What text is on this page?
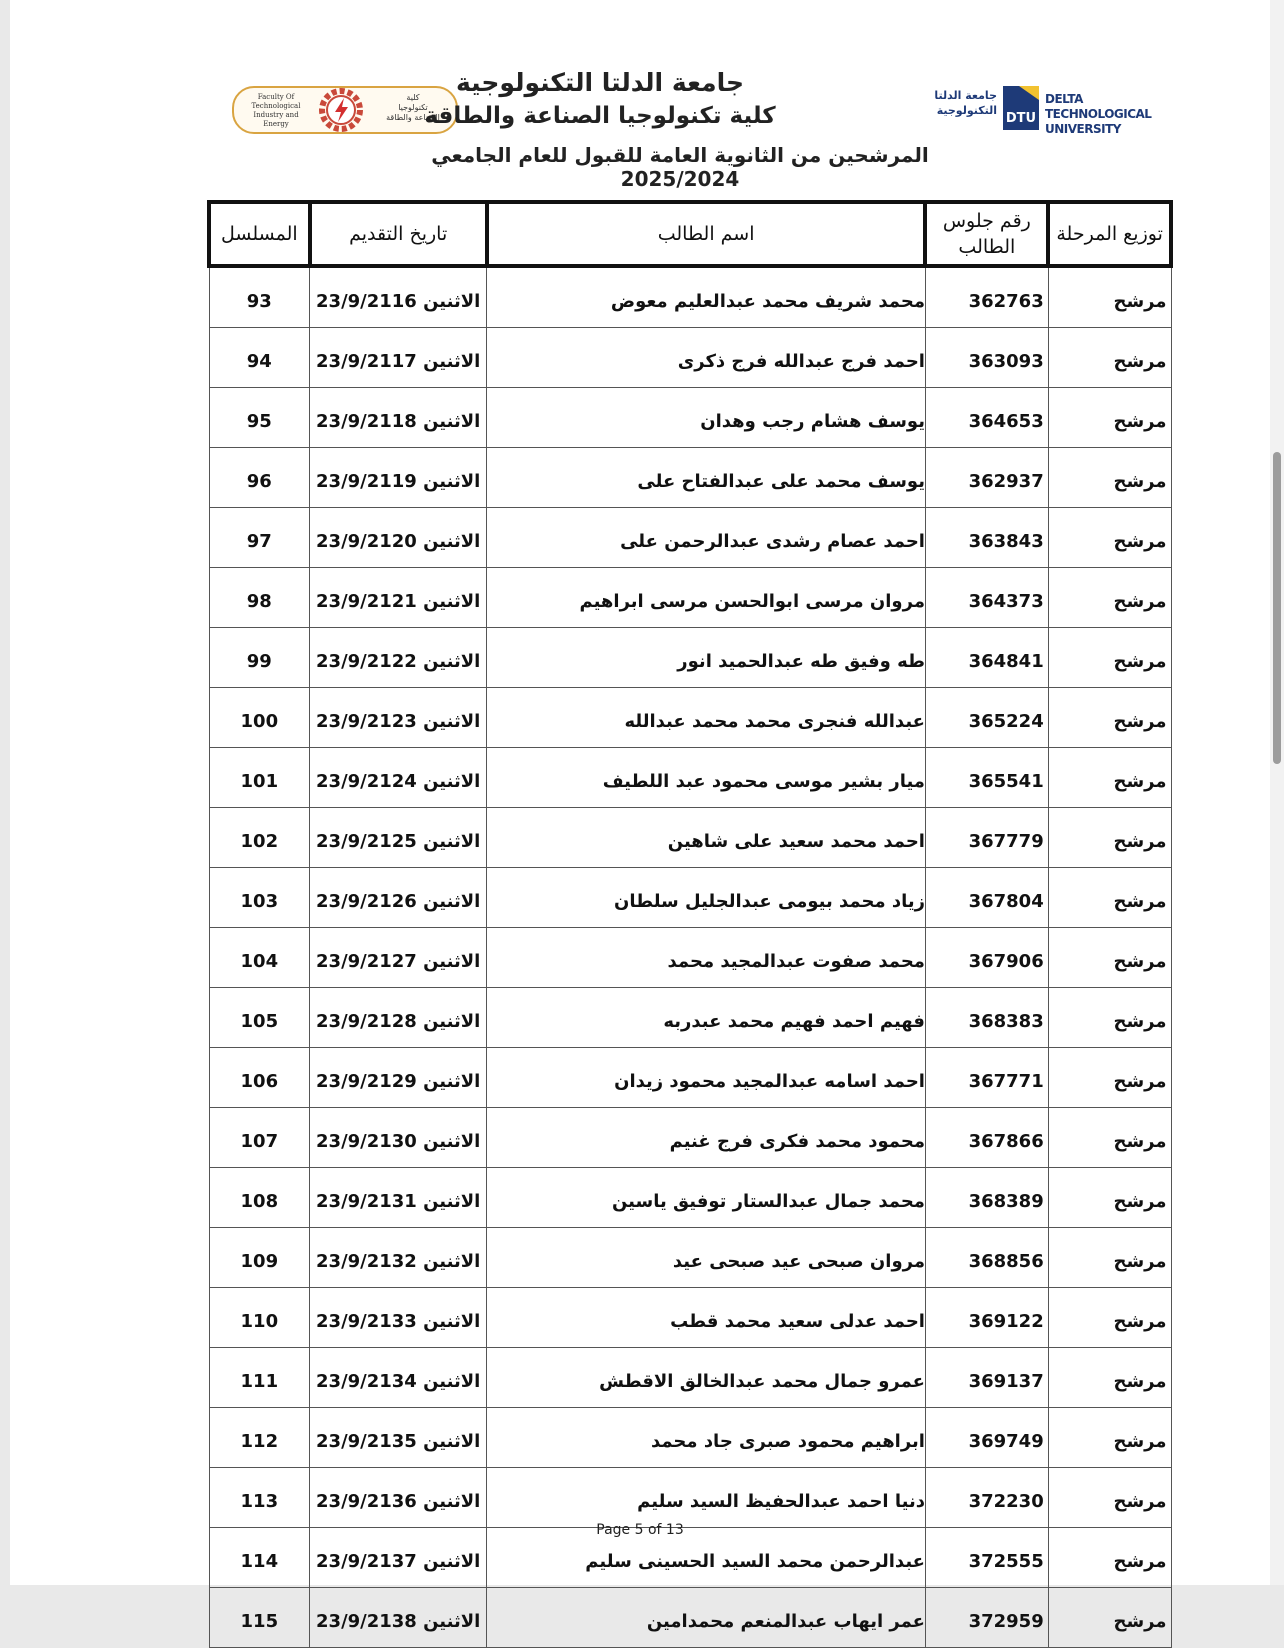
Faculty Of
Technological
Industry and Energy
كلية
تكنولوجيا
الصناعة والطاقة
جامعة الدلتا التكنولوجية
كلية تكنولوجيا الصناعة والطاقة
المرشحين من الثانوية العامة للقبول للعام الجامعي 2025/2024
جامعة الدلتا
التكنولوجية
DTU
DELTA TECHNOLOGICAL
UNIVERSITY
توزيع المرحلة	رقم جلوس الطالب	اسم الطالب	تاريخ التقديم	المسلسل
مرشح	362763	محمد شريف محمد عبدالعليم معوض	الاثنين 23/9/2116	93
مرشح	363093	احمد فرج عبدالله فرج ذكرى	الاثنين 23/9/2117	94
مرشح	364653	يوسف هشام رجب وهدان	الاثنين 23/9/2118	95
مرشح	362937	يوسف محمد على عبدالفتاح على	الاثنين 23/9/2119	96
مرشح	363843	احمد عصام رشدى عبدالرحمن على	الاثنين 23/9/2120	97
مرشح	364373	مروان مرسى ابوالحسن مرسى ابراهيم	الاثنين 23/9/2121	98
مرشح	364841	طه وفيق طه عبدالحميد انور	الاثنين 23/9/2122	99
مرشح	365224	عبدالله فنجرى محمد محمد عبدالله	الاثنين 23/9/2123	100
مرشح	365541	ميار بشير موسى محمود عبد اللطيف	الاثنين 23/9/2124	101
مرشح	367779	احمد محمد سعيد على شاهين	الاثنين 23/9/2125	102
مرشح	367804	زياد محمد بيومى عبدالجليل سلطان	الاثنين 23/9/2126	103
مرشح	367906	محمد صفوت عبدالمجيد محمد	الاثنين 23/9/2127	104
مرشح	368383	فهيم احمد فهيم محمد عبدربه	الاثنين 23/9/2128	105
مرشح	367771	احمد اسامه عبدالمجيد محمود زيدان	الاثنين 23/9/2129	106
مرشح	367866	محمود محمد فكرى فرج غنيم	الاثنين 23/9/2130	107
مرشح	368389	محمد جمال عبدالستار توفيق ياسين	الاثنين 23/9/2131	108
مرشح	368856	مروان صبحى عيد صبحى عيد	الاثنين 23/9/2132	109
مرشح	369122	احمد عدلى سعيد محمد قطب	الاثنين 23/9/2133	110
مرشح	369137	عمرو جمال محمد عبدالخالق الاقطش	الاثنين 23/9/2134	111
مرشح	369749	ابراهيم محمود صبرى جاد محمد	الاثنين 23/9/2135	112
مرشح	372230	دنيا احمد عبدالحفيظ السيد سليم	الاثنين 23/9/2136	113
مرشح	372555	عبدالرحمن محمد السيد الحسينى سليم	الاثنين 23/9/2137	114
مرشح	372959	عمر ايهاب عبدالمنعم محمدامين	الاثنين 23/9/2138	115
Page 5 of 13
